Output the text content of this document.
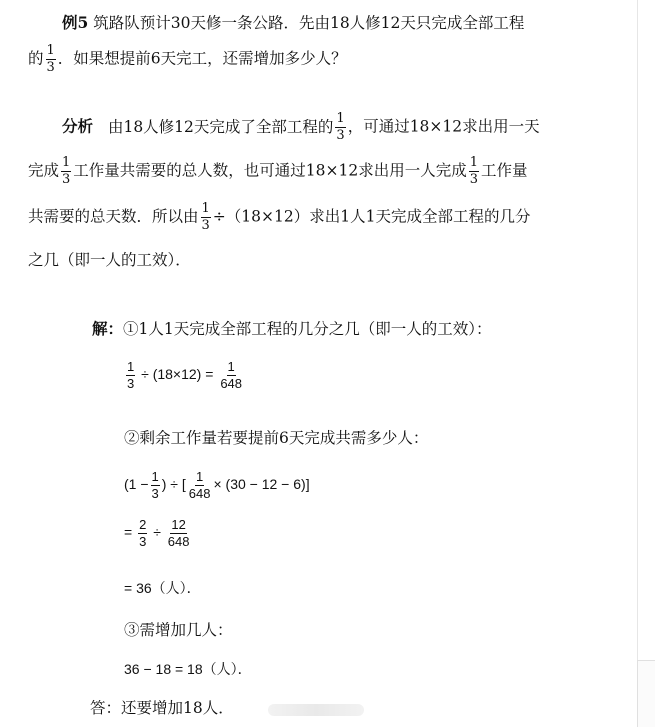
例5 筑路队预计30天修一条公路．先由18人修12天只完成全部工程
的 $\frac{1}{3}$ ．如果想提前6天完工，还需增加多少人？
分析 由18人修12天完成了全部工程的 $\frac{1}{3}$ ，可通过18×12求出用一天
完成 $\frac{1}{3}$ 工作量共需要的总人数，也可通过18×12求出用一人完成 $\frac{1}{3}$ 工作量
共需要的总天数．所以由 $\frac{1}{3} \div(18\times 12)$求出1人1天完成全部工程的几分
之几（即一人的工效）．
解：①1人1天完成全部工程的几分之几（即一人的工效）：
$\frac{1}{3} \div (18\times 12) = \frac{1}{648}$
②剩余工作量若要提前6天完成共需多少人：
($1 - \frac{1}{3}$ ) ÷ [ $\frac{1}{648} \times (30 - 12 - 6)$]
= $\frac{2}{3} \div \frac{12}{648}$
= 36（人）．
③需增加几人：
36 − 18 = 18（人）．
答：还要增加18人．
